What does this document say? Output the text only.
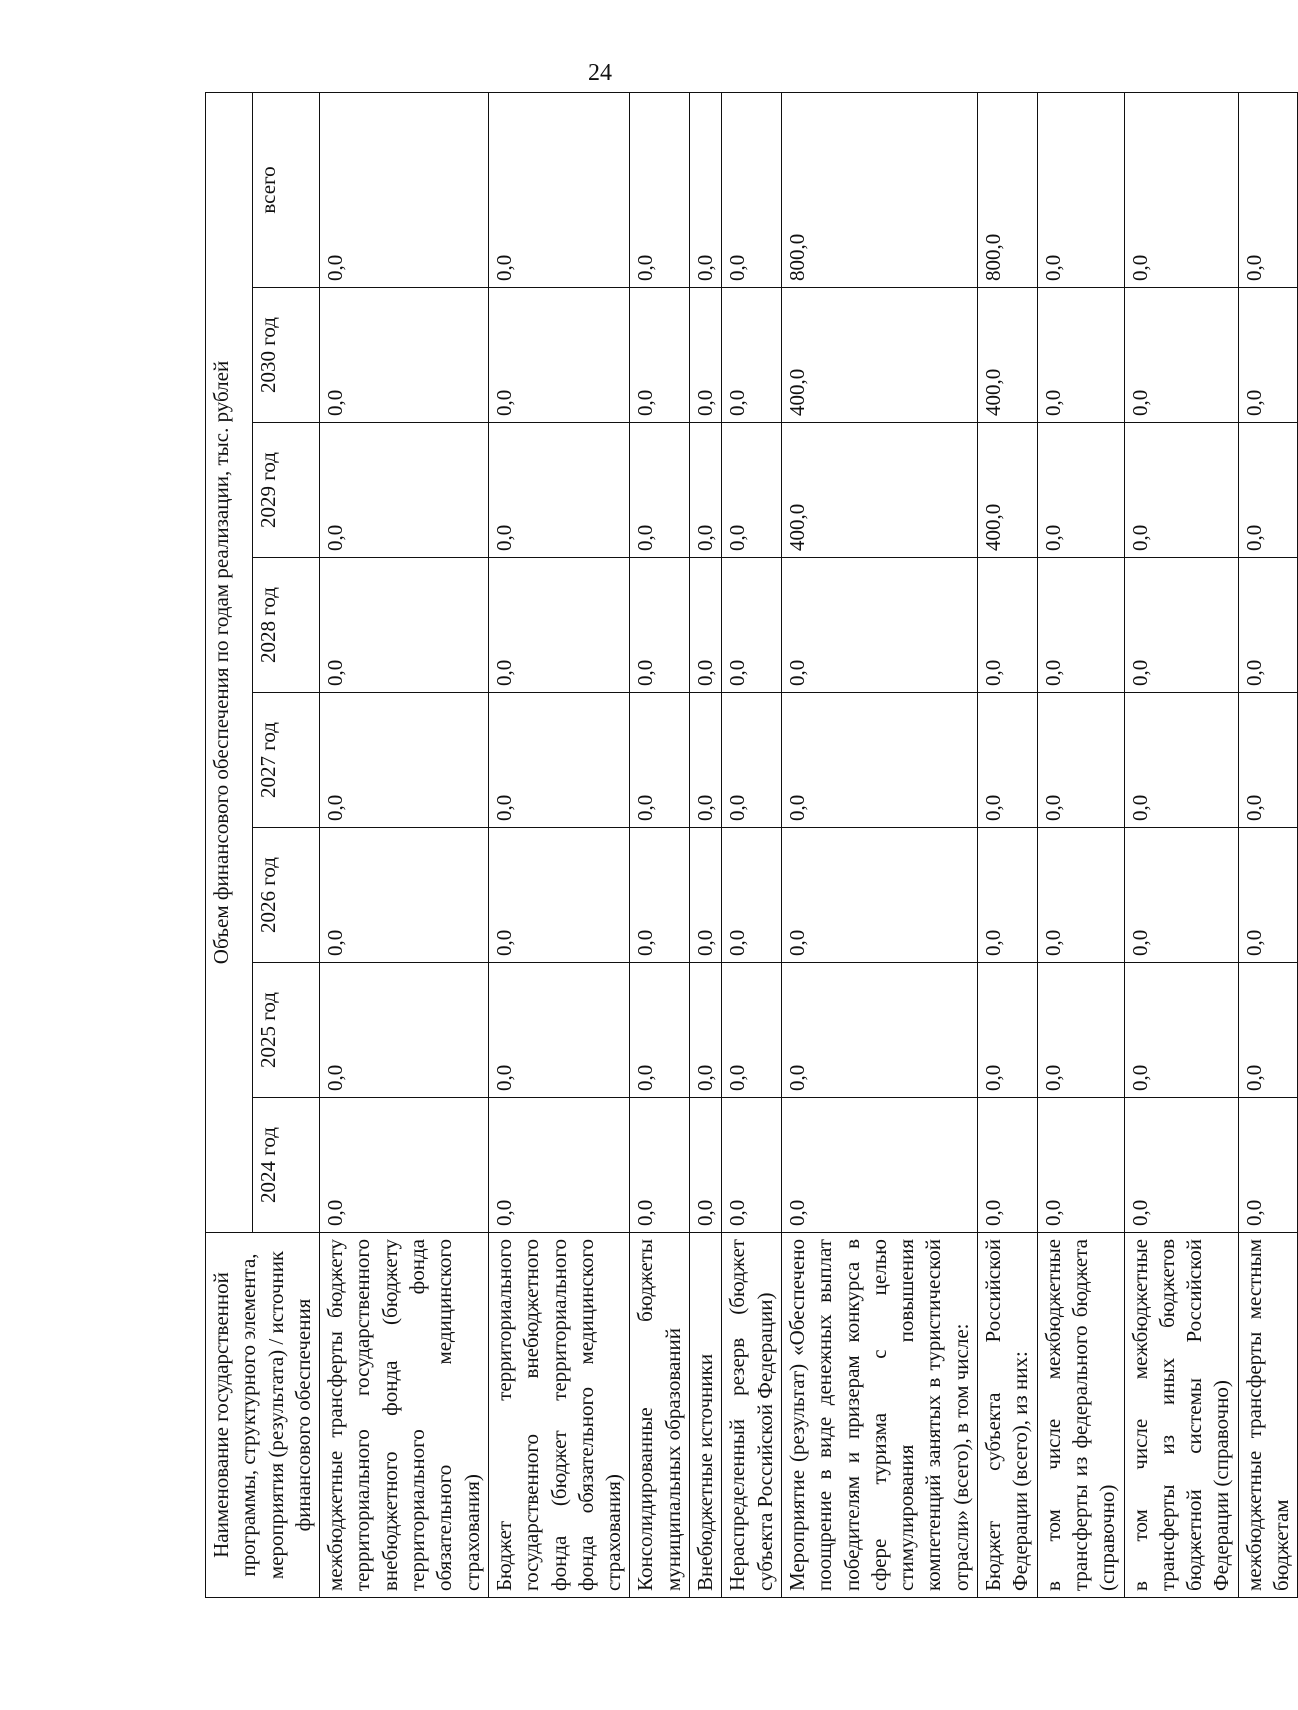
24
Наименование государственной программы, структурного элемента, мероприятия (результата) / источник финансового обеспечения	Объем финансового обеспечения по годам реализации, тыс. рублей							
	2024 год	2025 год	2026 год	2027 год	2028 год	2029 год	2030 год	всего
межбюджетные трансферты бюджету территориального государственного внебюджетного фонда (бюджету территориального фонда обязательного медицинского страхования)	0,0	0,0	0,0	0,0	0,0	0,0	0,0	0,0
Бюджет территориального государственного внебюджетного фонда (бюджет территориального фонда обязательного медицинского страхования)	0,0	0,0	0,0	0,0	0,0	0,0	0,0	0,0
Консолидированные бюджеты муниципальных образований	0,0	0,0	0,0	0,0	0,0	0,0	0,0	0,0
Внебюджетные источники	0,0	0,0	0,0	0,0	0,0	0,0	0,0	0,0
Нераспределенный резерв (бюджет субъекта Российской Федерации)	0,0	0,0	0,0	0,0	0,0	0,0	0,0	0,0
Мероприятие (результат) «Обеспечено поощрение в виде денежных выплат победителям и призерам конкурса в сфере туризма с целью стимулирования повышения компетенций занятых в туристической отрасли» (всего), в том числе:	0,0	0,0	0,0	0,0	0,0	400,0	400,0	800,0
Бюджет субъекта Российской Федерации (всего), из них:	0,0	0,0	0,0	0,0	0,0	400,0	400,0	800,0
в том числе межбюджетные трансферты из федерального бюджета (справочно)	0,0	0,0	0,0	0,0	0,0	0,0	0,0	0,0
в том числе межбюджетные трансферты из иных бюджетов бюджетной системы Российской Федерации (справочно)	0,0	0,0	0,0	0,0	0,0	0,0	0,0	0,0
межбюджетные трансферты местным бюджетам	0,0	0,0	0,0	0,0	0,0	0,0	0,0	0,0
